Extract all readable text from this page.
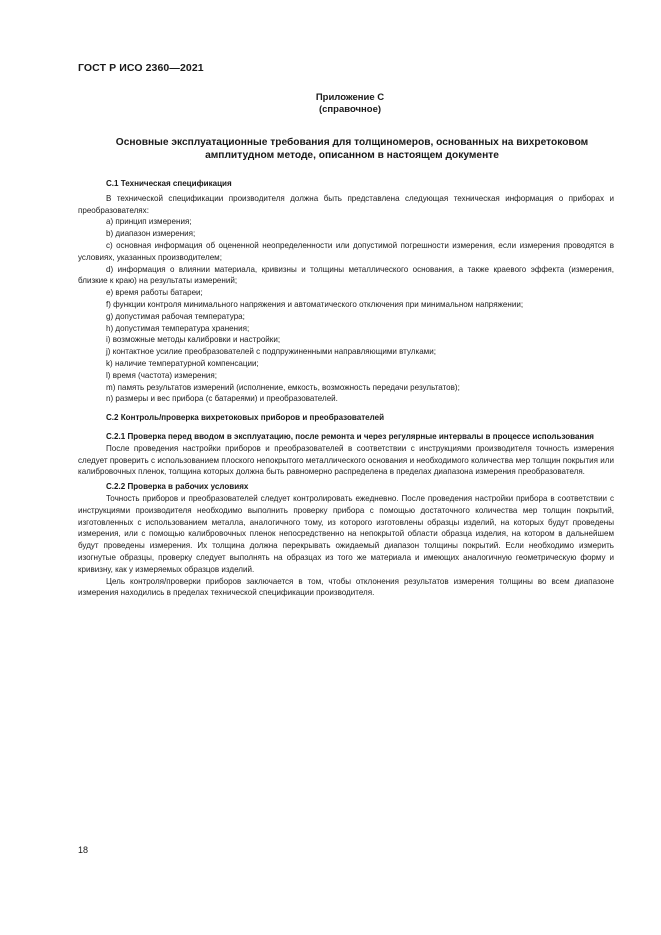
ГОСТ Р ИСО 2360—2021
Приложение С
(справочное)
Основные эксплуатационные требования для толщиномеров, основанных на вихретоковом
амплитудном методе, описанном в настоящем документе

С.1 Техническая спецификация

В технической спецификации производителя должна быть представлена следующая техническая информация о приборах и преобразователях:

а) принцип измерения;

b) диапазон измерения;

с) основная информация об оцененной неопределенности или допустимой погрешности измерения, если измерения проводятся в условиях, указанных производителем;

d) информация о влиянии материала, кривизны и толщины металлического основания, а также краевого эффекта (измерения, близкие к краю) на результаты измерений;

е) время работы батареи;

f) функции контроля минимального напряжения и автоматического отключения при минимальном напряжении;

g) допустимая рабочая температура;

h) допустимая температура хранения;

i) возможные методы калибровки и настройки;

j) контактное усилие преобразователей с подпружиненными направляющими втулками;

k) наличие температурной компенсации;

l) время (частота) измерения;

m) память результатов измерений (исполнение, емкость, возможность передачи результатов);

n) размеры и вес прибора (с батареями) и преобразователей.

С.2 Контроль/проверка вихретоковых приборов и преобразователей

С.2.1 Проверка перед вводом в эксплуатацию, после ремонта и через регулярные интервалы в процессе использования

После проведения настройки приборов и преобразователей в соответствии с инструкциями производителя точность измерения следует проверить с использованием плоского непокрытого металлического основания и необходимого количества мер толщин покрытия или калибровочных пленок, толщина которых должна быть равномерно распределена в пределах диапазона измерения преобразователя.

С.2.2 Проверка в рабочих условиях

Точность приборов и преобразователей следует контролировать ежедневно. После проведения настройки прибора в соответствии с инструкциями производителя необходимо выполнить проверку прибора с помощью достаточного количества мер толщин покрытий, изготовленных с использованием металла, аналогичного тому, из которого изготовлены образцы изделий, на которых будут проведены измерения, или с помощью калибровочных пленок непосредственно на непокрытой области образца изделия, на котором в дальнейшем будут проведены измерения. Их толщина должна перекрывать ожидаемый диапазон толщины покрытий. Если необходимо измерить изогнутые образцы, проверку следует выполнять на образцах из того же материала и имеющих аналогичную геометрическую форму и кривизну, как у измеряемых образцов изделий.

Цель контроля/проверки приборов заключается в том, чтобы отклонения результатов измерения толщины во всем диапазоне измерения находились в пределах технической спецификации производителя.

18
